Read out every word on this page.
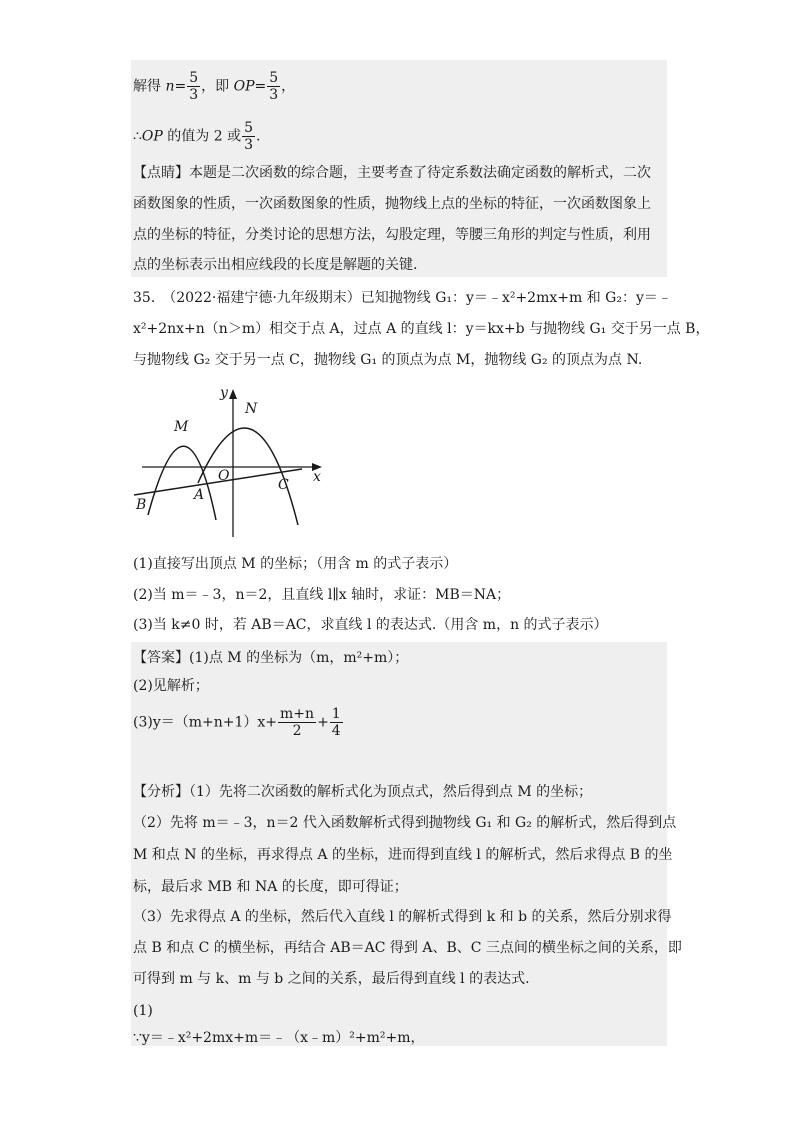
解得 $n= \frac{5}{3}$ ，即 $OP= \frac{5}{3}$ ，
∴OP 的值为 2 或 $\frac{5}{3}$ .
【点睛】本题是二次函数的综合题，主要考查了待定系数法确定函数的解析式，二次
函数图象的性质，一次函数图象的性质，抛物线上点的坐标的特征，一次函数图象上
点的坐标的特征，分类讨论的思想方法，勾股定理，等腰三角形的判定与性质，利用
点的坐标表示出相应线段的长度是解题的关键.
35.　（2022·福建宁德·九年级期末）已知抛物线 G₁：y＝﹣x²+2mx+m 和 G₂：y＝﹣
x²+2nx+n（n＞m）相交于点 A，过点 A 的直线 l：y＝kx+b 与抛物线 G₁ 交于另一点 B，
与抛物线 G₂ 交于另一点 C，抛物线 G₁ 的顶点为点 M，抛物线 G₂ 的顶点为点 N.
y
x
M
N
O
A
B
C
(1)直接写出顶点 M 的坐标；（用含 m 的式子表示）
(2)当 m＝﹣3，n＝2，且直线 l∥x 轴时，求证：MB＝NA；
(3)当 k≠0 时，若 AB＝AC，求直线 l 的表达式.（用含 m，n 的式子表示）
【答案】(1)点 M 的坐标为（m，m²+m）；
(2)见解析；
$(3)y=(m+n+1)x+ \frac{m+n}{2} + \frac{1}{4}$
【分析】（1）先将二次函数的解析式化为顶点式，然后得到点 M 的坐标；
（2）先将 m＝﹣3，n＝2 代入函数解析式得到抛物线 G₁ 和 G₂ 的解析式，然后得到点
M 和点 N 的坐标，再求得点 A 的坐标，进而得到直线 l 的解析式，然后求得点 B 的坐
标，最后求 MB 和 NA 的长度，即可得证；
（3）先求得点 A 的坐标，然后代入直线 l 的解析式得到 k 和 b 的关系，然后分别求得
点 B 和点 C 的横坐标，再结合 AB＝AC 得到 A、B、C 三点间的横坐标之间的关系，即
可得到 m 与 k、m 与 b 之间的关系，最后得到直线 l 的表达式.
(1)
∵y＝﹣x²+2mx+m＝﹣（x﹣m）²+m²+m，
